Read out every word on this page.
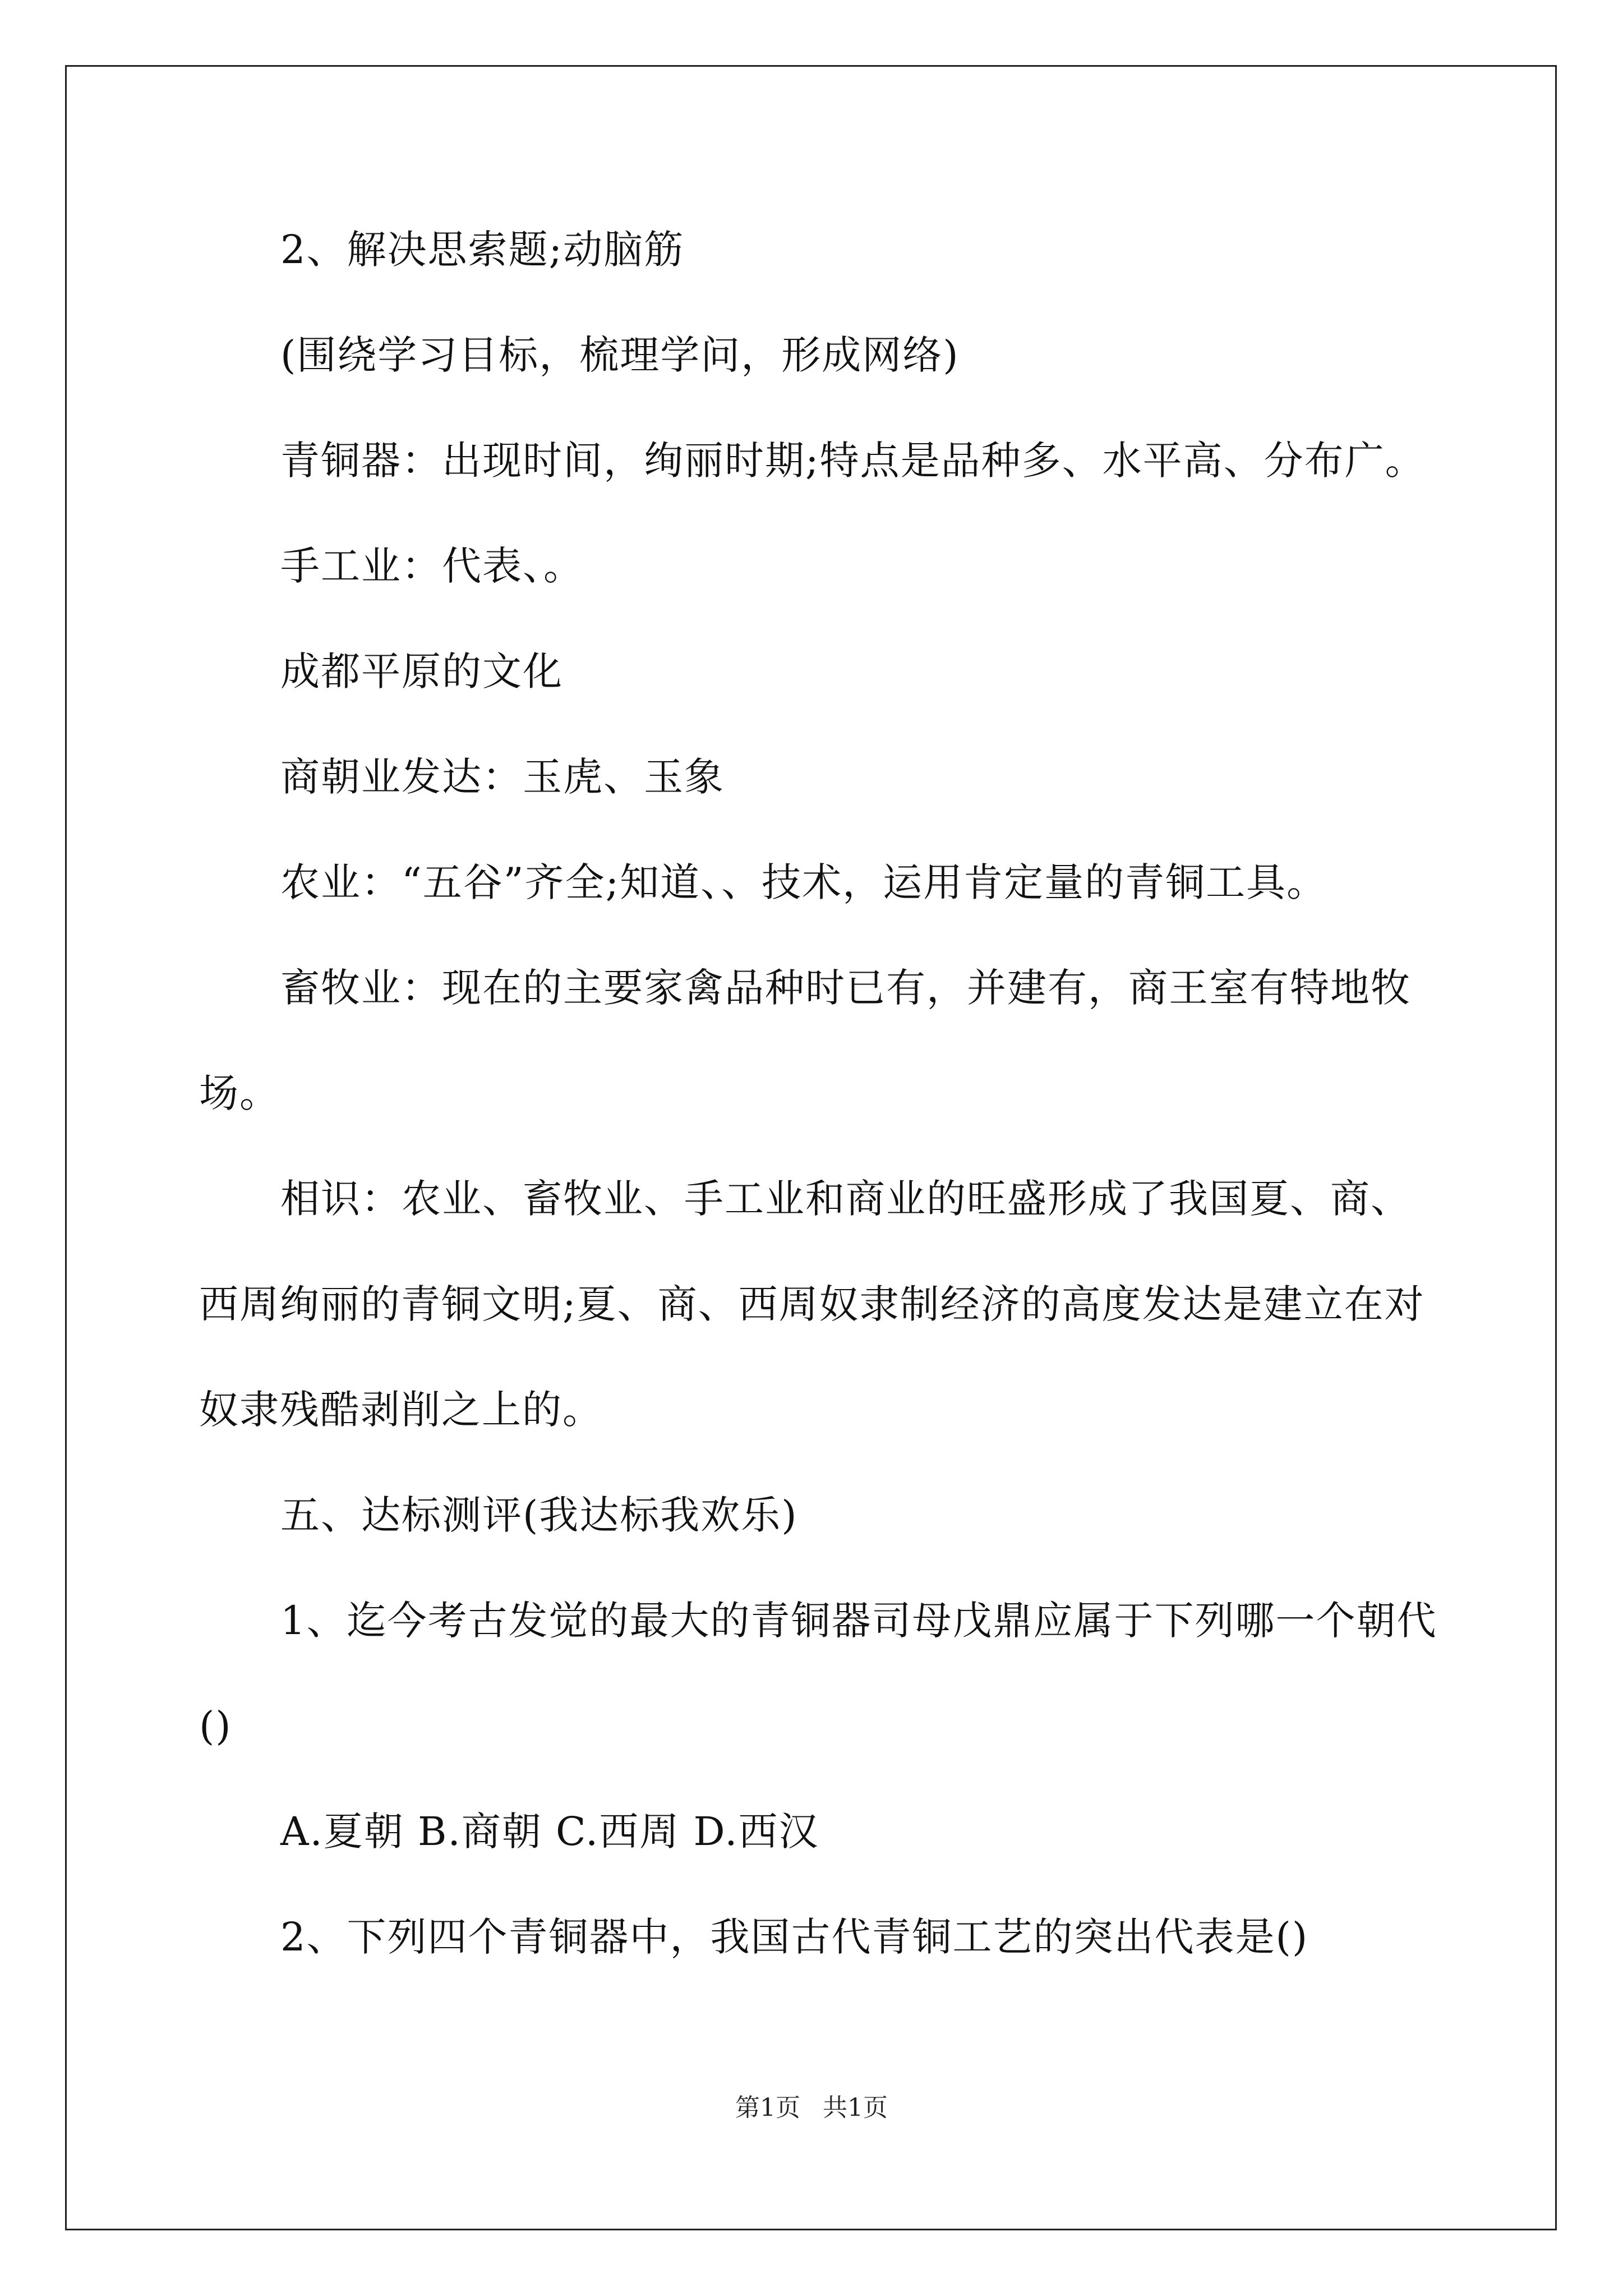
2、解决思索题;动脑筋
(围绕学习目标，梳理学问，形成网络)
青铜器：出现时间，绚丽时期;特点是品种多、水平高、分布广。
手工业：代表、。
成都平原的文化
商朝业发达：玉虎、玉象
农业：“五谷”齐全;知道、、技术，运用肯定量的青铜工具。
畜牧业：现在的主要家禽品种时已有，并建有，商王室有特地牧
场。
相识：农业、畜牧业、手工业和商业的旺盛形成了我国夏、商、
西周绚丽的青铜文明;夏、商、西周奴隶制经济的高度发达是建立在对
奴隶残酷剥削之上的。
五、达标测评(我达标我欢乐)
1、迄今考古发觉的最大的青铜器司母戊鼎应属于下列哪一个朝代
()
A.夏朝 B.商朝 C.西周 D.西汉
2、下列四个青铜器中，我国古代青铜工艺的突出代表是()
第1页 共1页
